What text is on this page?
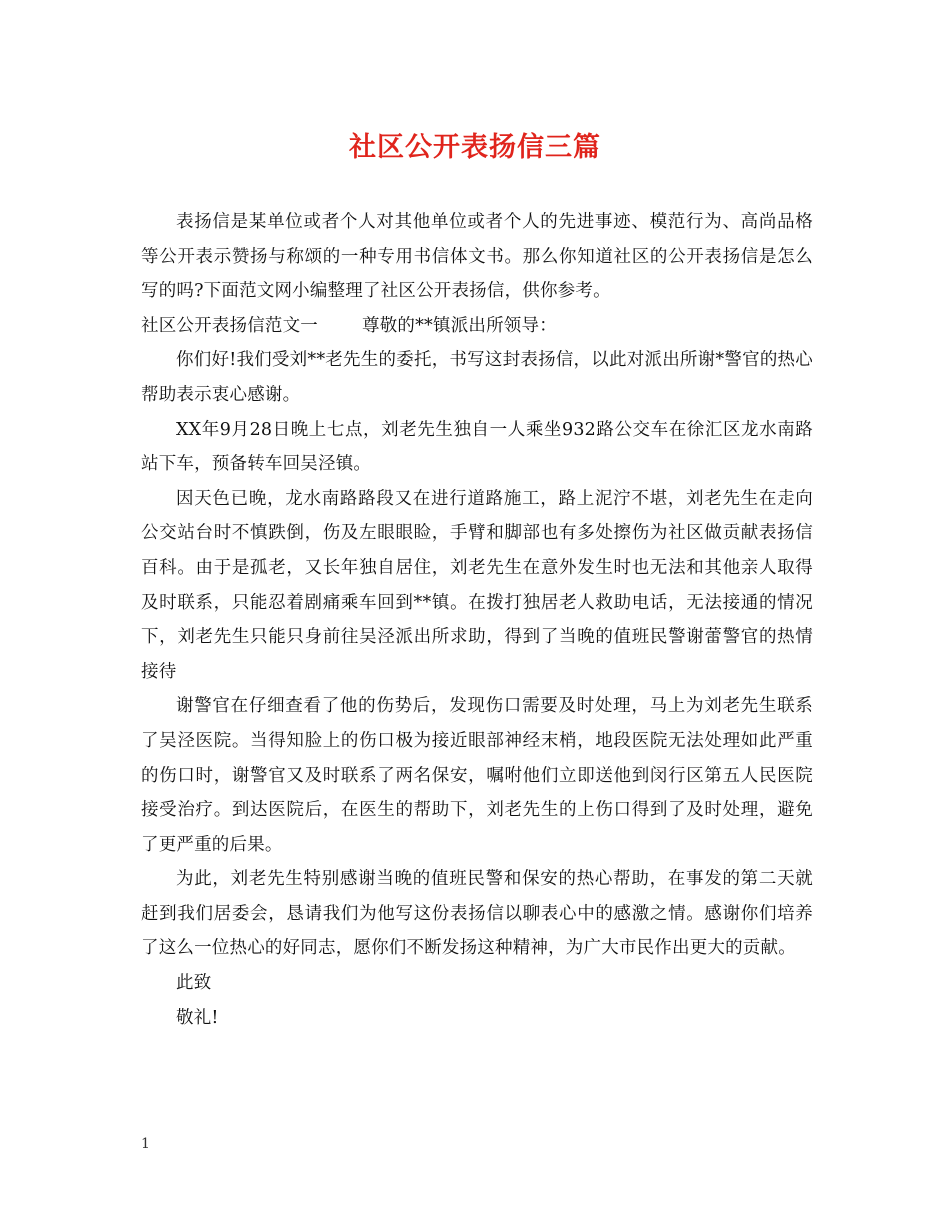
社区公开表扬信三篇

表扬信是某单位或者个人对其他单位或者个人的先进事迹、模范行为、高尚品格等公开表示赞扬与称颂的一种专用书信体文书。那么你知道社区的公开表扬信是怎么写的吗?下面范文网小编整理了社区公开表扬信，供你参考。

社区公开表扬信范文一	尊敬的**镇派出所领导：

你们好!我们受刘**老先生的委托，书写这封表扬信，以此对派出所谢*警官的热心帮助表示衷心感谢。

XX年9月28日晚上七点，刘老先生独自一人乘坐932路公交车在徐汇区龙水南路站下车，预备转车回吴泾镇。

因天色已晚，龙水南路路段又在进行道路施工，路上泥泞不堪，刘老先生在走向公交站台时不慎跌倒，伤及左眼眼睑，手臂和脚部也有多处擦伤为社区做贡献表扬信百科。由于是孤老，又长年独自居住，刘老先生在意外发生时也无法和其他亲人取得及时联系，只能忍着剧痛乘车回到**镇。在拨打独居老人救助电话，无法接通的情况下，刘老先生只能只身前往吴泾派出所求助，得到了当晚的值班民警谢蕾警官的热情接待

谢警官在仔细查看了他的伤势后，发现伤口需要及时处理，马上为刘老先生联系了吴泾医院。当得知脸上的伤口极为接近眼部神经末梢，地段医院无法处理如此严重的伤口时，谢警官又及时联系了两名保安，嘱咐他们立即送他到闵行区第五人民医院接受治疗。到达医院后，在医生的帮助下，刘老先生的上伤口得到了及时处理，避免了更严重的后果。

为此，刘老先生特别感谢当晚的值班民警和保安的热心帮助，在事发的第二天就赶到我们居委会，恳请我们为他写这份表扬信以聊表心中的感激之情。感谢你们培养了这么一位热心的好同志，愿你们不断发扬这种精神，为广大市民作出更大的贡献。

此致

敬礼!

1
